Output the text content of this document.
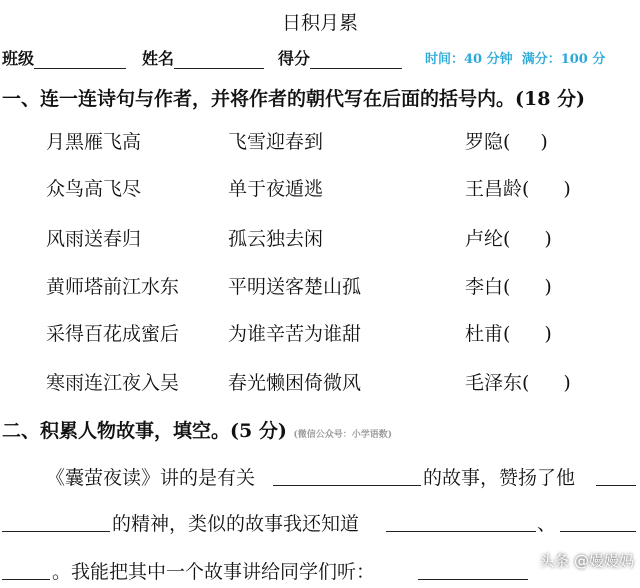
日积月累
班级	姓名	得分	时间：40 分钟 满分：100 分
一、连一连诗句与作者，并将作者的朝代写在后面的括号内。(18 分)
月黑雁飞高	飞雪迎春到	罗隐( )
众鸟高飞尽	单于夜遁逃	王昌龄( )
风雨送春归	孤云独去闲	卢纶( )
黄师塔前江水东	平明送客楚山孤	李白( )
采得百花成蜜后	为谁辛苦为谁甜	杜甫( )
寒雨连江夜入吴	春光懒困倚微风	毛泽东( )
二、积累人物故事，填空。(5 分) (微信公众号：小学语数)
《囊萤夜读》讲的是有关	的故事，赞扬了他
的精神，类似的故事我还知道	、
。我能把其中一个故事讲给同学们听：	头条 @嫚嫚妈
